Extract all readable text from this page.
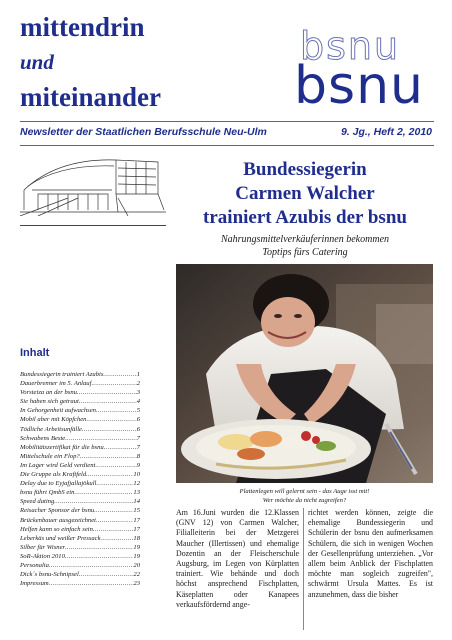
mittendrin
und
miteinander
bsnu
bsnu
Newsletter der Staatlichen Berufsschule Neu-Ulm	9. Jg., Heft 2, 2010
Bundessiegerin
Carmen Walcher
trainiert Azubis der bsnu
Nahrungsmittelverkäuferinnen bekommen
Toptips fürs Catering
Plattenlegen will gelernt sein - das Auge isst mit!
Wer möchte da nicht zugreifen?
Am 16.Juni wurden die 12.Klassen (GNV 12) von Carmen Walcher, Filialleiterin bei der Metzgerei Maucher (Illertissen) und ehemalige Dozentin an der Fleischerschule Augsburg, im Legen von Kürplatten trainiert. Wie behände und doch höchst ansprechend Fischplatten, Käseplatten oder Kanapees verkaufsfördernd ange-
richtet werden können, zeigte die ehemalige Bundessiegerin und Schülerin der bsnu den aufmerksamen Schülern, die sich in wenigen Wochen der Gesellenprüfung unterziehen. „Vor allem beim Anblick der Fischplatten möchte man sogleich zugreifen", schwärmt Ursula Mattes. Es ist anzunehmen, dass die bisher
Inhalt
Bundessiegerin trainiert Azubis .....	1
Dauerbrenner im 5. Anlauf .....	2
Vorsteiza an der bsnu .....	3
Sie haben sich getraut .....	4
In Gehorgenheit aufwachsen .....	5
Mobil aber mit Köpfchen .....	6
Tödliche Arbeitsunfälle .....	6
Schwabens Beste .....	7
Mobilitätszertifikat für die bsnu .....	7
Mittelschule ein Flop? .....	8
Im Lager wird Geld verdient .....	9
Die Gruppe als Kraftfeld .....	10
Delay due to Eyjafjallajökull .....	12
bsnu führt QmbS ein .....	13
Speed dating .....	14
Reisacher Sponsor der bsnu .....	15
Brückenbauer ausgezeichnet .....	17
Helfen kann so einfach sein .....	17
Leberkäs und weißer Pressack .....	18
Silber für Wisner .....	19
SoR-Aktion 2010 .....	19
Personalia .....	20
Dick´s bsnu-Schnipsel .....	22
Impressum .....	23
